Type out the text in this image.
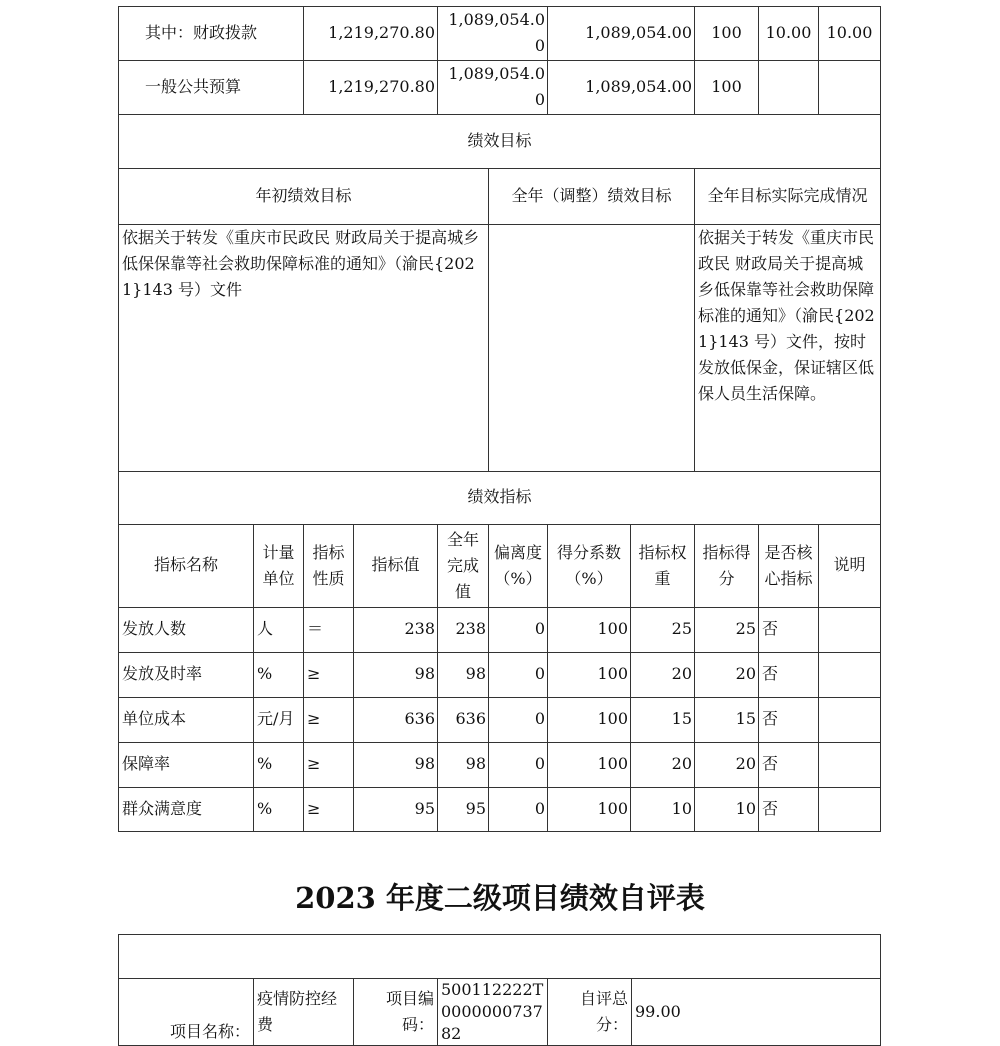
其中：财政拨款		1,219,270.80		1,089,054.00		1,089,054.00		100	10.00	10.00
一般公共预算		1,219,270.80		1,089,054.00		1,089,054.00		100		
绩效目标										
年初绩效目标					全年（调整）绩效目标			全年目标实际完成情况		
依据关于转发《重庆市民政民 财政局关于提高城乡低保保靠等社会救助保障标准的通知》（渝民{2021}143 号）文件								依据关于转发《重庆市民政民 财政局关于提高城乡低保靠等社会救助保障标准的通知》（渝民{2021}143 号）文件，按时发放低保金，保证辖区低保人员生活保障。		
绩效指标										
指标名称	计量单位	指标性质	指标值	全年完成值	偏离度（%）	得分系数（%）	指标权重	指标得分	是否核心指标	说明
发放人数	人	＝	238	238	0	100	25	25	否	
发放及时率	%	≥	98	98	0	100	20	20	否	
单位成本	元/月	≥	636	636	0	100	15	15	否	
保障率	%	≥	98	98	0	100	20	20	否	
群众满意度	%	≥	95	95	0	100	10	10	否	
2023 年度二级项目绩效自评表

项目名称：	疫情防控经费	项目编码：	500112222T000000073782	自评总分：	99.00
